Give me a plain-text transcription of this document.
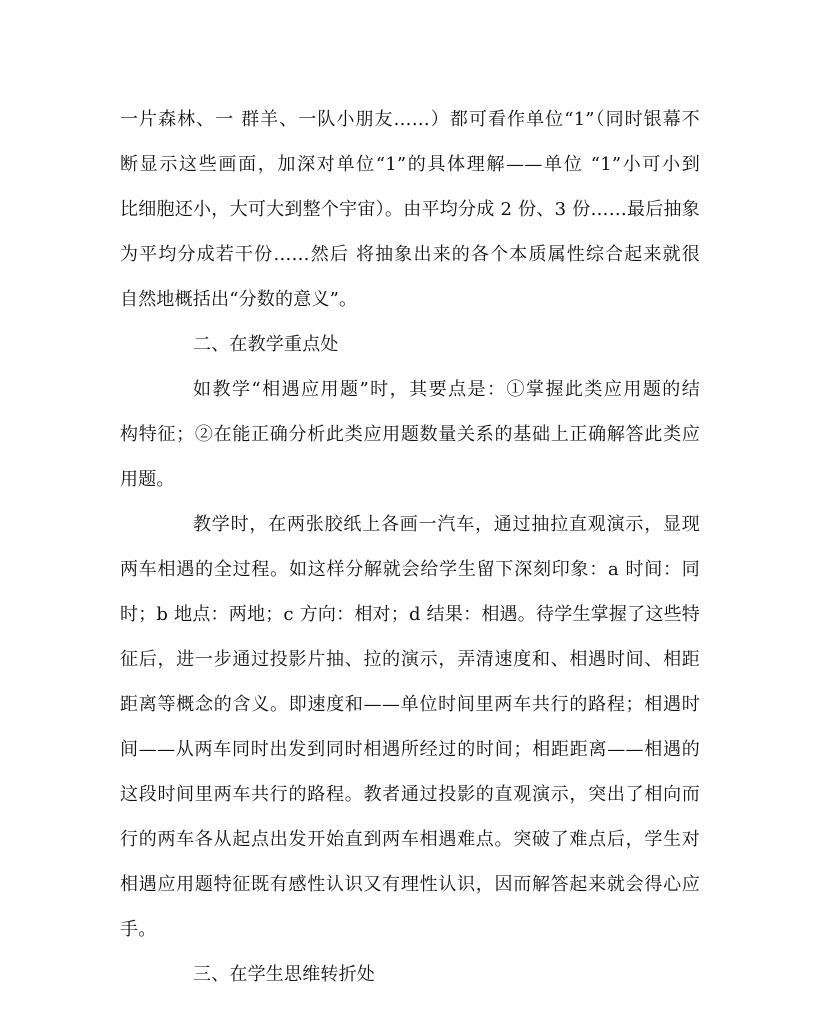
一片森林、一 群羊、一队小朋友……）都可看作单位“1”（同时银幕不
断显示这些画面，加深对单位“1”的具体理解——单位 “1”小可小到
比细胞还小，大可大到整个宇宙）。由平均分成 2 份、3 份……最后抽象
为平均分成若干份……然后 将抽象出来的各个本质属性综合起来就很
自然地概括出“分数的意义”。
二、在教学重点处
如教学“相遇应用题”时，其要点是：①掌握此类应用题的结
构特征；②在能正确分析此类应用题数量关系的基础上正确解答此类应
用题。
教学时，在两张胶纸上各画一汽车，通过抽拉直观演示，显现
两车相遇的全过程。如这样分解就会给学生留下深刻印象：a 时间：同
时；b 地点：两地；c 方向：相对；d 结果：相遇。待学生掌握了这些特
征后，进一步通过投影片抽、拉的演示，弄清速度和、相遇时间、相距
距离等概念的含义。即速度和——单位时间里两车共行的路程；相遇时
间——从两车同时出发到同时相遇所经过的时间；相距距离——相遇的
这段时间里两车共行的路程。教者通过投影的直观演示，突出了相向而
行的两车各从起点出发开始直到两车相遇难点。突破了难点后，学生对
相遇应用题特征既有感性认识又有理性认识，因而解答起来就会得心应
手。
三、在学生思维转折处
